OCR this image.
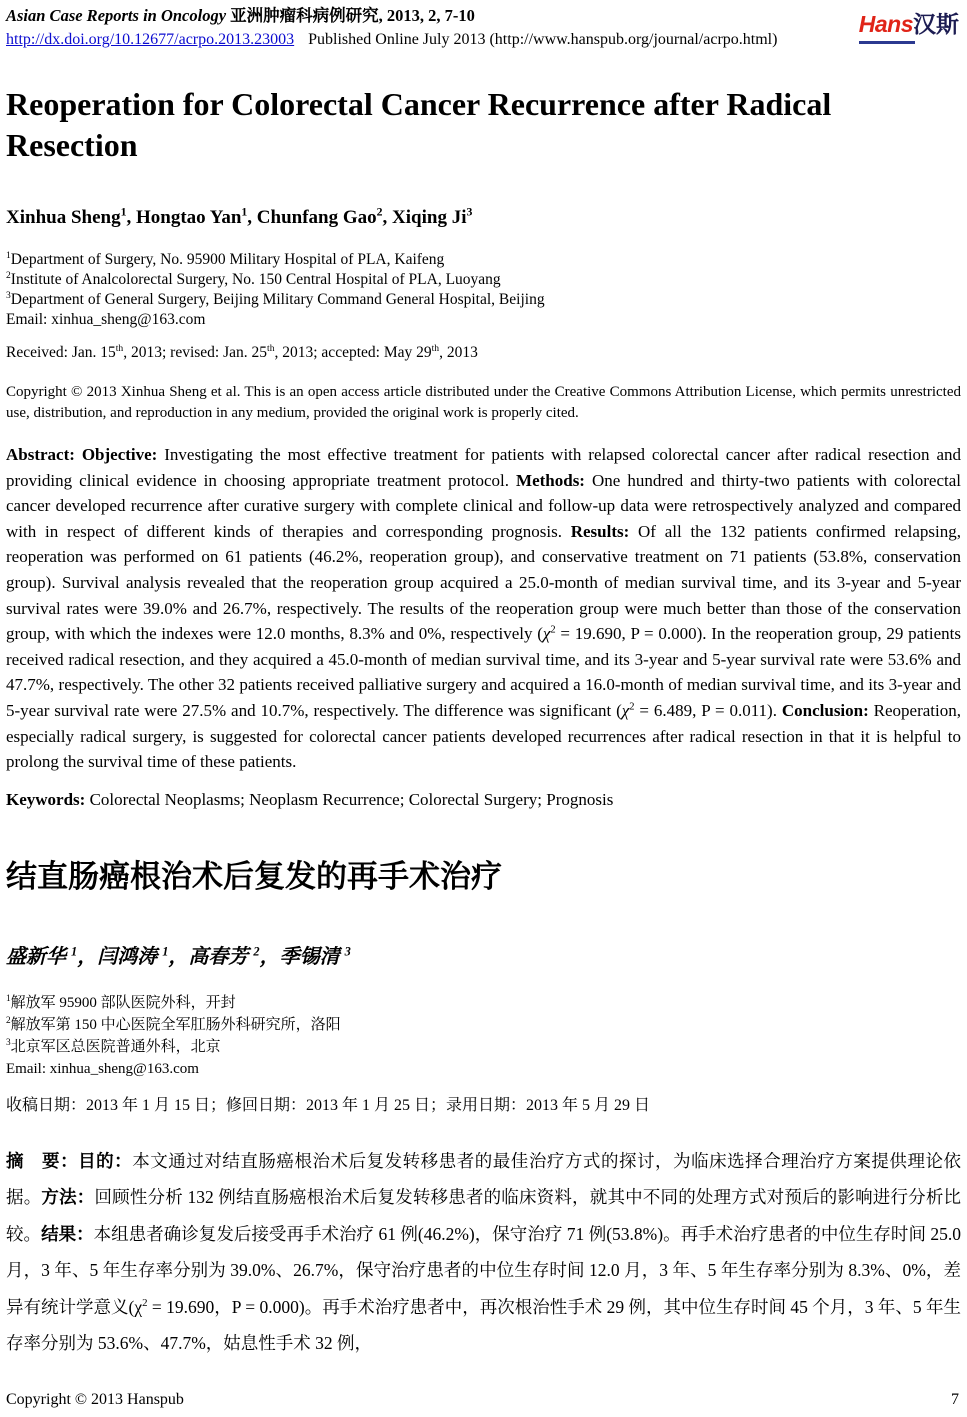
Asian Case Reports in Oncology 亚洲肿瘤科病例研究, 2013, 2, 7-10
http://dx.doi.org/10.12677/acrpo.2013.23003 Published Online July 2013 (http://www.hanspub.org/journal/acrpo.html)
Hans汉斯
Reoperation for Colorectal Cancer Recurrence after Radical Resection
Xinhua Sheng$^1$, Hongtao Yan$^1$, Chunfang Gao$^2$, Xiqing Ji$^3$
$^1$Department of Surgery, No. 95900 Military Hospital of PLA, Kaifeng
$^2$Institute of Analcolorectal Surgery, No. 150 Central Hospital of PLA, Luoyang
$^3$Department of General Surgery, Beijing Military Command General Hospital, Beijing
Email: xinhua_sheng@163.com
Received: Jan. 15th, 2013; revised: Jan. 25th, 2013; accepted: May 29th, 2013

Copyright © 2013 Xinhua Sheng et al. This is an open access article distributed under the Creative Commons Attribution License, which permits unrestricted use, distribution, and reproduction in any medium, provided the original work is properly cited.

Abstract: Objective: Investigating the most effective treatment for patients with relapsed colorectal cancer after radical resection and providing clinical evidence in choosing appropriate treatment protocol. Methods: One hundred and thirty-two patients with colorectal cancer developed recurrence after curative surgery with complete clinical and follow-up data were retrospectively analyzed and compared with in respect of different kinds of therapies and corresponding prognosis. Results: Of all the 132 patients confirmed relapsing, reoperation was performed on 61 patients (46.2%, reoperation group), and conservative treatment on 71 patients (53.8%, conservation group). Survival analysis revealed that the reoperation group acquired a 25.0-month of median survival time, and its 3-year and 5-year survival rates were 39.0% and 26.7%, respectively. The results of the reoperation group were much better than those of the conservation group, with which the indexes were 12.0 months, 8.3% and 0%, respectively ($\chi^2 = 19.690$, P = 0.000). In the reoperation group, 29 patients received radical resection, and they acquired a 45.0-month of median survival time, and its 3-year and 5-year survival rate were 53.6% and 47.7%, respectively. The other 32 patients received palliative surgery and acquired a 16.0-month of median survival time, and its 3-year and 5-year survival rate were 27.5% and 10.7%, respectively. The difference was significant ($\chi^2 = 6.489$, P = 0.011). Conclusion: Reoperation, especially radical surgery, is suggested for colorectal cancer patients developed recurrences after radical resection in that it is helpful to prolong the survival time of these patients.

Keywords: Colorectal Neoplasms; Neoplasm Recurrence; Colorectal Surgery; Prognosis

结直肠癌根治术后复发的再手术治疗
盛新华 $^1$，闫鸿涛 $^1$，高春芳 $^2$，季锡清 $^3$
$^1$解放军 95900 部队医院外科，开封
$^2$解放军第 150 中心医院全军肛肠外科研究所，洛阳
$^3$北京军区总医院普通外科，北京
Email: xinhua_sheng@163.com
收稿日期：2013 年 1 月 15 日；修回日期：2013 年 1 月 25 日；录用日期：2013 年 5 月 29 日

摘　要：目的：本文通过对结直肠癌根治术后复发转移患者的最佳治疗方式的探讨，为临床选择合理治疗方案提供理论依据。方法：回顾性分析 132 例结直肠癌根治术后复发转移患者的临床资料，就其中不同的处理方式对预后的影响进行分析比较。结果：本组患者确诊复发后接受再手术治疗 61 例(46.2%)，保守治疗 71 例(53.8%)。再手术治疗患者的中位生存时间 25.0 月，3 年、5 年生存率分别为 39.0%、26.7%，保守治疗患者的中位生存时间 12.0 月，3 年、5 年生存率分别为 8.3%、0%，差异有统计学意义($\chi^2 = 19.690$，P = 0.000)。再手术治疗患者中，再次根治性手术 29 例，其中位生存时间 45 个月，3 年、5 年生存率分别为 53.6%、47.7%，姑息性手术 32 例，

Copyright © 2013 Hanspub	7
